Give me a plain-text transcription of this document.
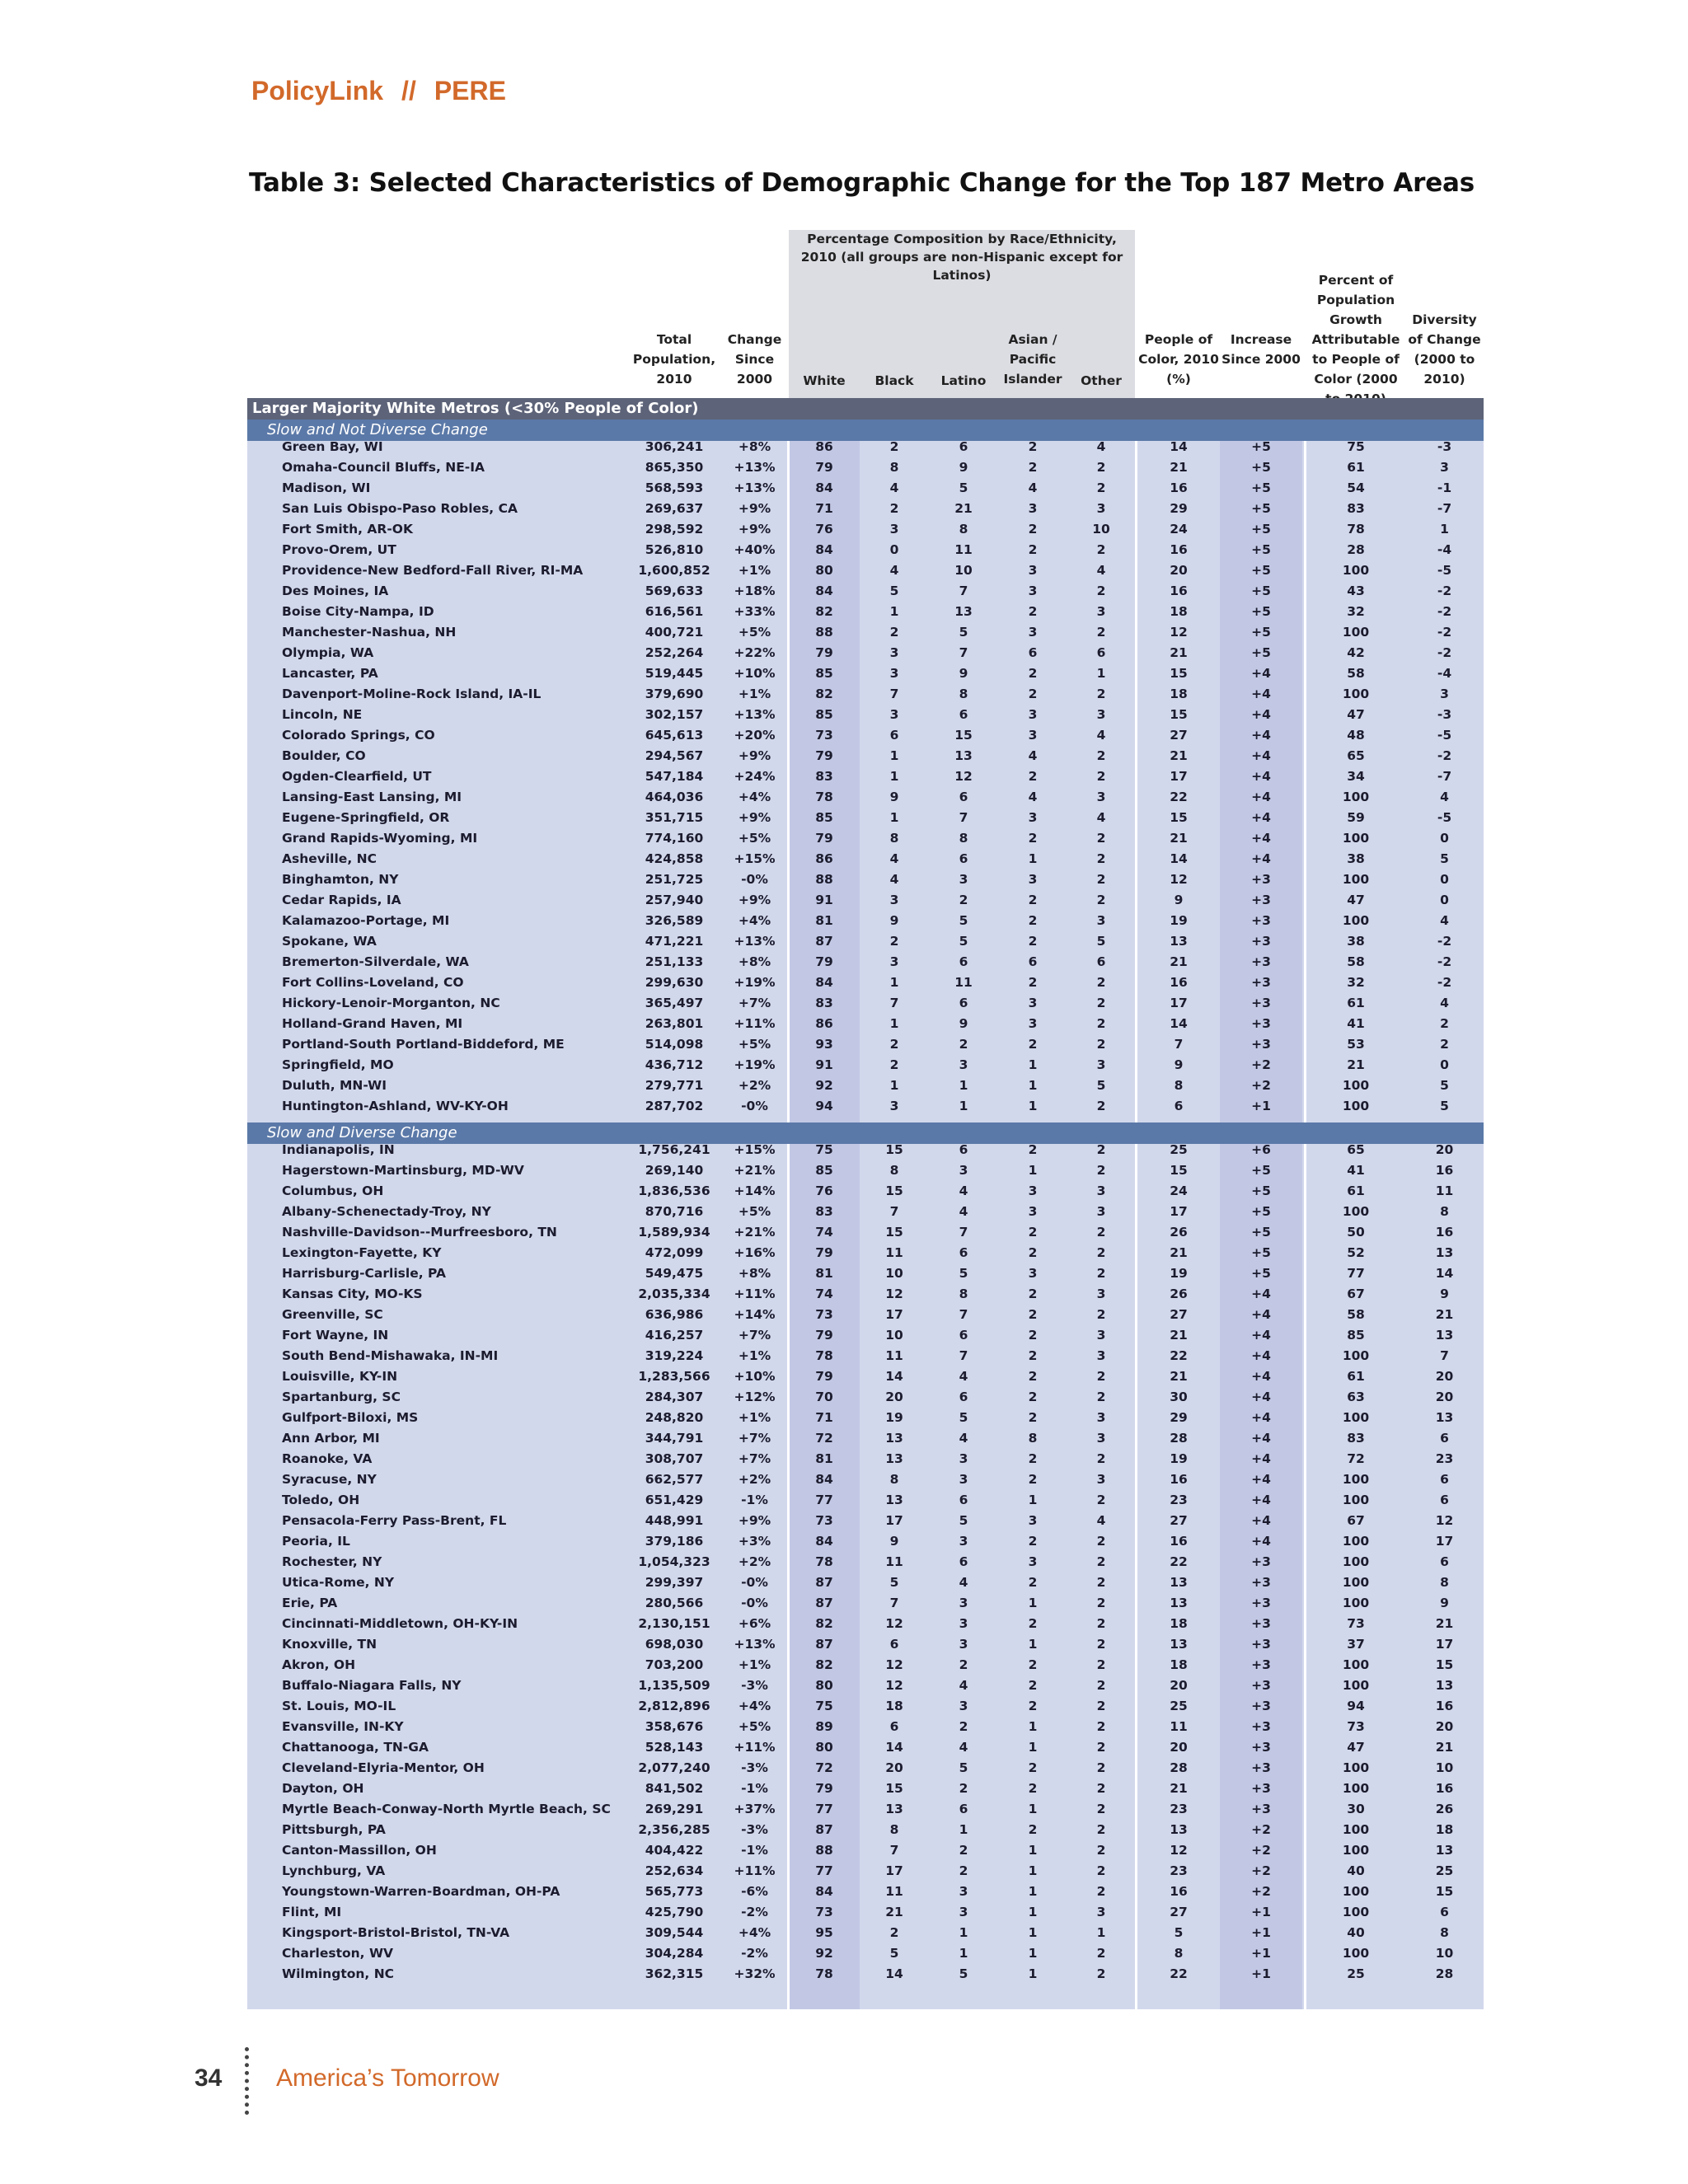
PolicyLink // PERE
Table 3: Selected Characteristics of Demographic Change for the Top 187 Metro Areas
Percentage Composition by Race/Ethnicity, 2010 (all groups are non-Hispanic except for Latinos)
Total Population, 2010
Change Since 2000	White	Black	Latino
Asian / Pacific Islander	Other
People of Color, 2010 (%)
Increase Since 2000
Percent of Population Growth Attributable to People of Color (2000
Diversity of Change (2000 to 2010)
Larger Majority White Metros (<30% People of Color)
Slow and Not Diverse Change
Green Bay, WI	306,241	+8%	86	2	6	2	4	14	+5	75	-3
Omaha-Council Bluffs, NE-IA	865,350	+13%	79	8	9	2	2	21	+5	61	3
Madison, WI	568,593	+13%	84	4	5	4	2	16	+5	54	-1
San Luis Obispo-Paso Robles, CA	269,637	+9%	71	2	21	3	3	29	+5	83	-7
Fort Smith, AR-OK	298,592	+9%	76	3	8	2	10	24	+5	78	1
Provo-Orem, UT	526,810	+40%	84	0	11	2	2	16	+5	28	-4
Providence-New Bedford-Fall River, RI-MA	1,600,852	+1%	80	4	10	3	4	20	+5	100	-5
Des Moines, IA	569,633	+18%	84	5	7	3	2	16	+5	43	-2
Boise City-Nampa, ID	616,561	+33%	82	1	13	2	3	18	+5	32	-2
Manchester-Nashua, NH	400,721	+5%	88	2	5	3	2	12	+5	100	-2
Olympia, WA	252,264	+22%	79	3	7	6	6	21	+5	42	-2
Lancaster, PA	519,445	+10%	85	3	9	2	1	15	+4	58	-4
Davenport-Moline-Rock Island, IA-IL	379,690	+1%	82	7	8	2	2	18	+4	100	3
Lincoln, NE	302,157	+13%	85	3	6	3	3	15	+4	47	-3
Colorado Springs, CO	645,613	+20%	73	6	15	3	4	27	+4	48	-5
Boulder, CO	294,567	+9%	79	1	13	4	2	21	+4	65	-2
Ogden-Clearfield, UT	547,184	+24%	83	1	12	2	2	17	+4	34	-7
Lansing-East Lansing, MI	464,036	+4%	78	9	6	4	3	22	+4	100	4
Eugene-Springfield, OR	351,715	+9%	85	1	7	3	4	15	+4	59	-5
Grand Rapids-Wyoming, MI	774,160	+5%	79	8	8	2	2	21	+4	100	0
Asheville, NC	424,858	+15%	86	4	6	1	2	14	+4	38	5
Binghamton, NY	251,725	-0%	88	4	3	3	2	12	+3	100	0
Cedar Rapids, IA	257,940	+9%	91	3	2	2	2	9	+3	47	0
Kalamazoo-Portage, MI	326,589	+4%	81	9	5	2	3	19	+3	100	4
Spokane, WA	471,221	+13%	87	2	5	2	5	13	+3	38	-2
Bremerton-Silverdale, WA	251,133	+8%	79	3	6	6	6	21	+3	58	-2
Fort Collins-Loveland, CO	299,630	+19%	84	1	11	2	2	16	+3	32	-2
Hickory-Lenoir-Morganton, NC	365,497	+7%	83	7	6	3	2	17	+3	61	4
Holland-Grand Haven, MI	263,801	+11%	86	1	9	3	2	14	+3	41	2
Portland-South Portland-Biddeford, ME	514,098	+5%	93	2	2	2	2	7	+3	53	2
Springfield, MO	436,712	+19%	91	2	3	1	3	9	+2	21	0
Duluth, MN-WI	279,771	+2%	92	1	1	1	5	8	+2	100	5
Huntington-Ashland, WV-KY-OH	287,702	-0%	94	3	1	1	2	6	+1	100	5
Slow and Diverse Change
Indianapolis, IN	1,756,241	+15%	75	15	6	2	2	25	+6	65	20
Hagerstown-Martinsburg, MD-WV	269,140	+21%	85	8	3	1	2	15	+5	41	16
Columbus, OH	1,836,536	+14%	76	15	4	3	3	24	+5	61	11
Albany-Schenectady-Troy, NY	870,716	+5%	83	7	4	3	3	17	+5	100	8
Nashville-Davidson--Murfreesboro, TN	1,589,934	+21%	74	15	7	2	2	26	+5	50	16
Lexington-Fayette, KY	472,099	+16%	79	11	6	2	2	21	+5	52	13
Harrisburg-Carlisle, PA	549,475	+8%	81	10	5	3	2	19	+5	77	14
Kansas City, MO-KS	2,035,334	+11%	74	12	8	2	3	26	+4	67	9
Greenville, SC	636,986	+14%	73	17	7	2	2	27	+4	58	21
Fort Wayne, IN	416,257	+7%	79	10	6	2	3	21	+4	85	13
South Bend-Mishawaka, IN-MI	319,224	+1%	78	11	7	2	3	22	+4	100	7
Louisville, KY-IN	1,283,566	+10%	79	14	4	2	2	21	+4	61	20
Spartanburg, SC	284,307	+12%	70	20	6	2	2	30	+4	63	20
Gulfport-Biloxi, MS	248,820	+1%	71	19	5	2	3	29	+4	100	13
Ann Arbor, MI	344,791	+7%	72	13	4	8	3	28	+4	83	6
Roanoke, VA	308,707	+7%	81	13	3	2	2	19	+4	72	23
Syracuse, NY	662,577	+2%	84	8	3	2	3	16	+4	100	6
Toledo, OH	651,429	-1%	77	13	6	1	2	23	+4	100	6
Pensacola-Ferry Pass-Brent, FL	448,991	+9%	73	17	5	3	4	27	+4	67	12
Peoria, IL	379,186	+3%	84	9	3	2	2	16	+4	100	17
Rochester, NY	1,054,323	+2%	78	11	6	3	2	22	+3	100	6
Utica-Rome, NY	299,397	-0%	87	5	4	2	2	13	+3	100	8
Erie, PA	280,566	-0%	87	7	3	1	2	13	+3	100	9
Cincinnati-Middletown, OH-KY-IN	2,130,151	+6%	82	12	3	2	2	18	+3	73	21
Knoxville, TN	698,030	+13%	87	6	3	1	2	13	+3	37	17
Akron, OH	703,200	+1%	82	12	2	2	2	18	+3	100	15
Buffalo-Niagara Falls, NY	1,135,509	-3%	80	12	4	2	2	20	+3	100	13
St. Louis, MO-IL	2,812,896	+4%	75	18	3	2	2	25	+3	94	16
Evansville, IN-KY	358,676	+5%	89	6	2	1	2	11	+3	73	20
Chattanooga, TN-GA	528,143	+11%	80	14	4	1	2	20	+3	47	21
Cleveland-Elyria-Mentor, OH	2,077,240	-3%	72	20	5	2	2	28	+3	100	10
Dayton, OH	841,502	-1%	79	15	2	2	2	21	+3	100	16
Myrtle Beach-Conway-North Myrtle Beach, SC	269,291	+37%	77	13	6	1	2	23	+3	30	26
Pittsburgh, PA	2,356,285	-3%	87	8	1	2	2	13	+2	100	18
Canton-Massillon, OH	404,422	-1%	88	7	2	1	2	12	+2	100	13
Lynchburg, VA	252,634	+11%	77	17	2	1	2	23	+2	40	25
Youngstown-Warren-Boardman, OH-PA	565,773	-6%	84	11	3	1	2	16	+2	100	15
Flint, MI	425,790	-2%	73	21	3	1	3	27	+1	100	6
Kingsport-Bristol-Bristol, TN-VA	309,544	+4%	95	2	1	1	1	5	+1	40	8
Charleston, WV	304,284	-2%	92	5	1	1	2	8	+1	100	10
Wilmington, NC	362,315	+32%	78	14	5	1	2	22	+1	25	28
34 America’s Tomorrow
